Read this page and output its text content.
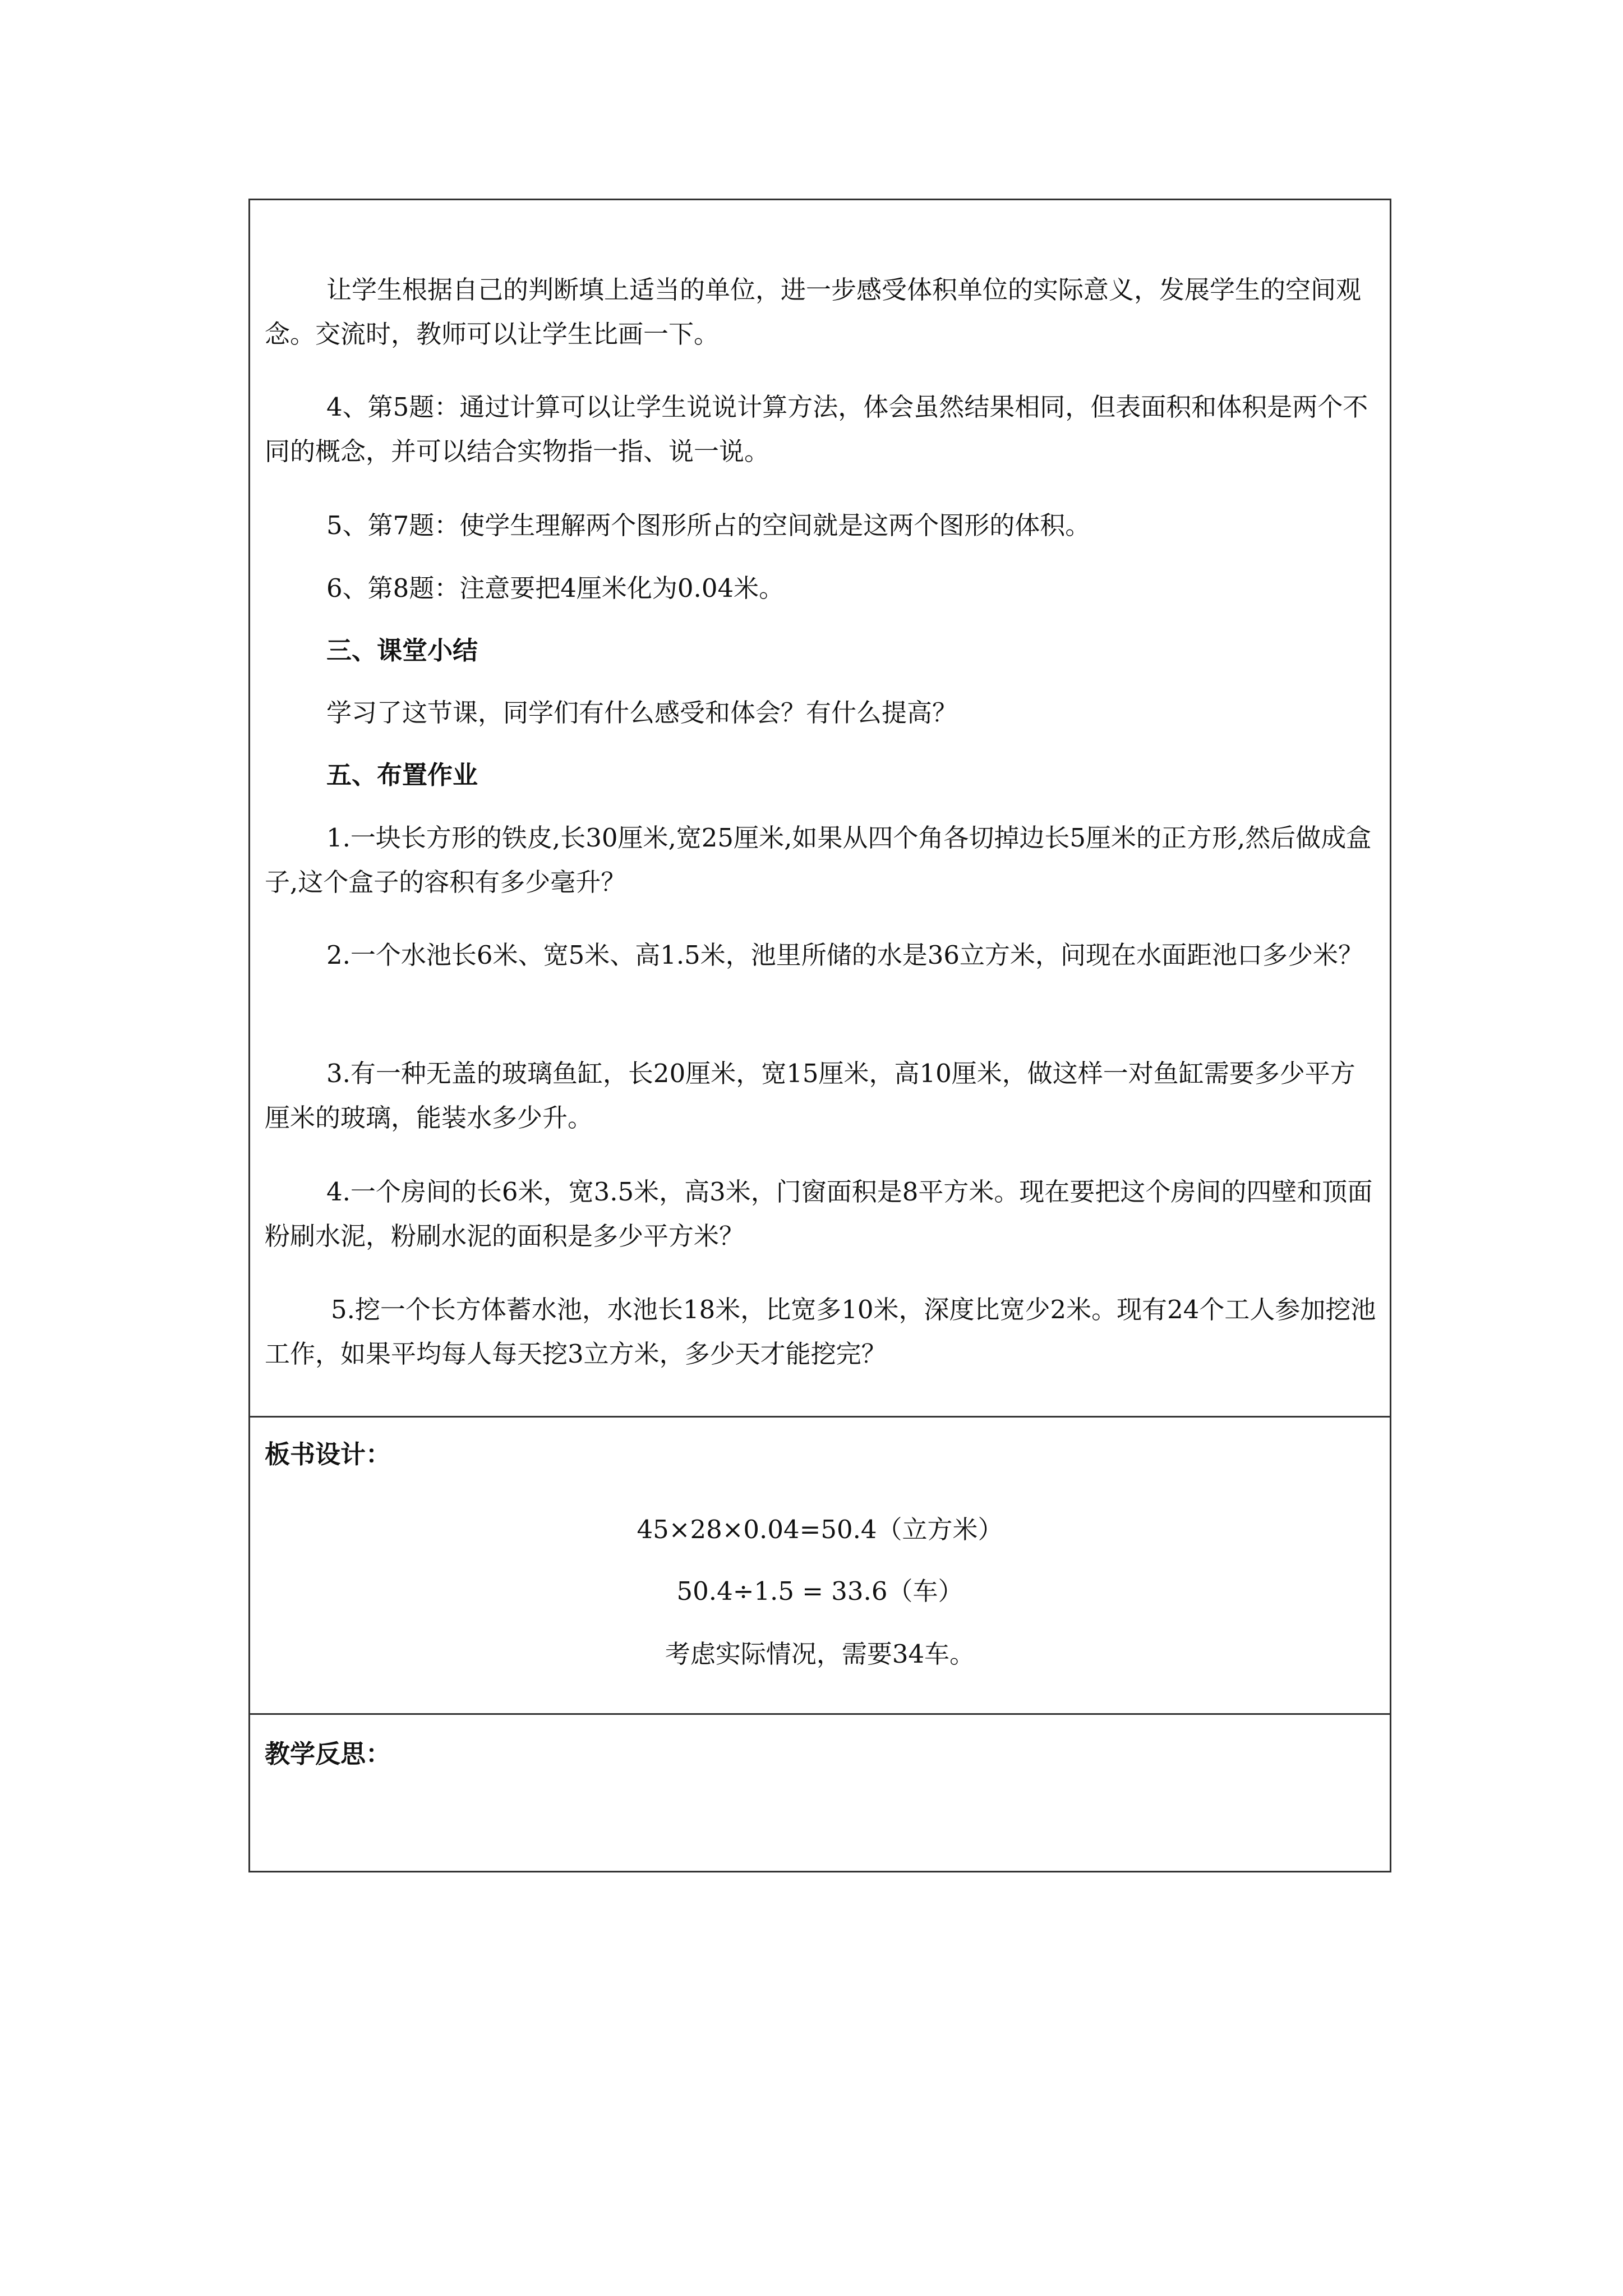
让学生根据自己的判断填上适当的单位，进一步感受体积单位的实际意义，发展学生的空间观念。交流时，教师可以让学生比画一下。

4、第5题：通过计算可以让学生说说计算方法，体会虽然结果相同，但表面积和体积是两个不同的概念，并可以结合实物指一指、说一说。

5、第7题：使学生理解两个图形所占的空间就是这两个图形的体积。

6、第8题：注意要把4厘米化为0.04米。

三、课堂小结

学习了这节课，同学们有什么感受和体会？有什么提高？

五、布置作业

1.一块长方形的铁皮,长30厘米,宽25厘米,如果从四个角各切掉边长5厘米的正方形,然后做成盒子,这个盒子的容积有多少毫升？

2.一个水池长6米、宽5米、高1.5米，池里所储的水是36立方米，问现在水面距池口多少米？

3.有一种无盖的玻璃鱼缸，长20厘米，宽15厘米，高10厘米，做这样一对鱼缸需要多少平方厘米的玻璃，能装水多少升。

4.一个房间的长6米，宽3.5米，高3米，门窗面积是8平方米。现在要把这个房间的四壁和顶面粉刷水泥，粉刷水泥的面积是多少平方米？

5.挖一个长方体蓄水池，水池长18米，比宽多10米，深度比宽少2米。现有24个工人参加挖池工作，如果平均每人每天挖3立方米，多少天才能挖完？

板书设计：

45×28×0.04=50.4（立方米）

50.4÷1.5 = 33.6（车）

考虑实际情况，需要34车。

教学反思：
